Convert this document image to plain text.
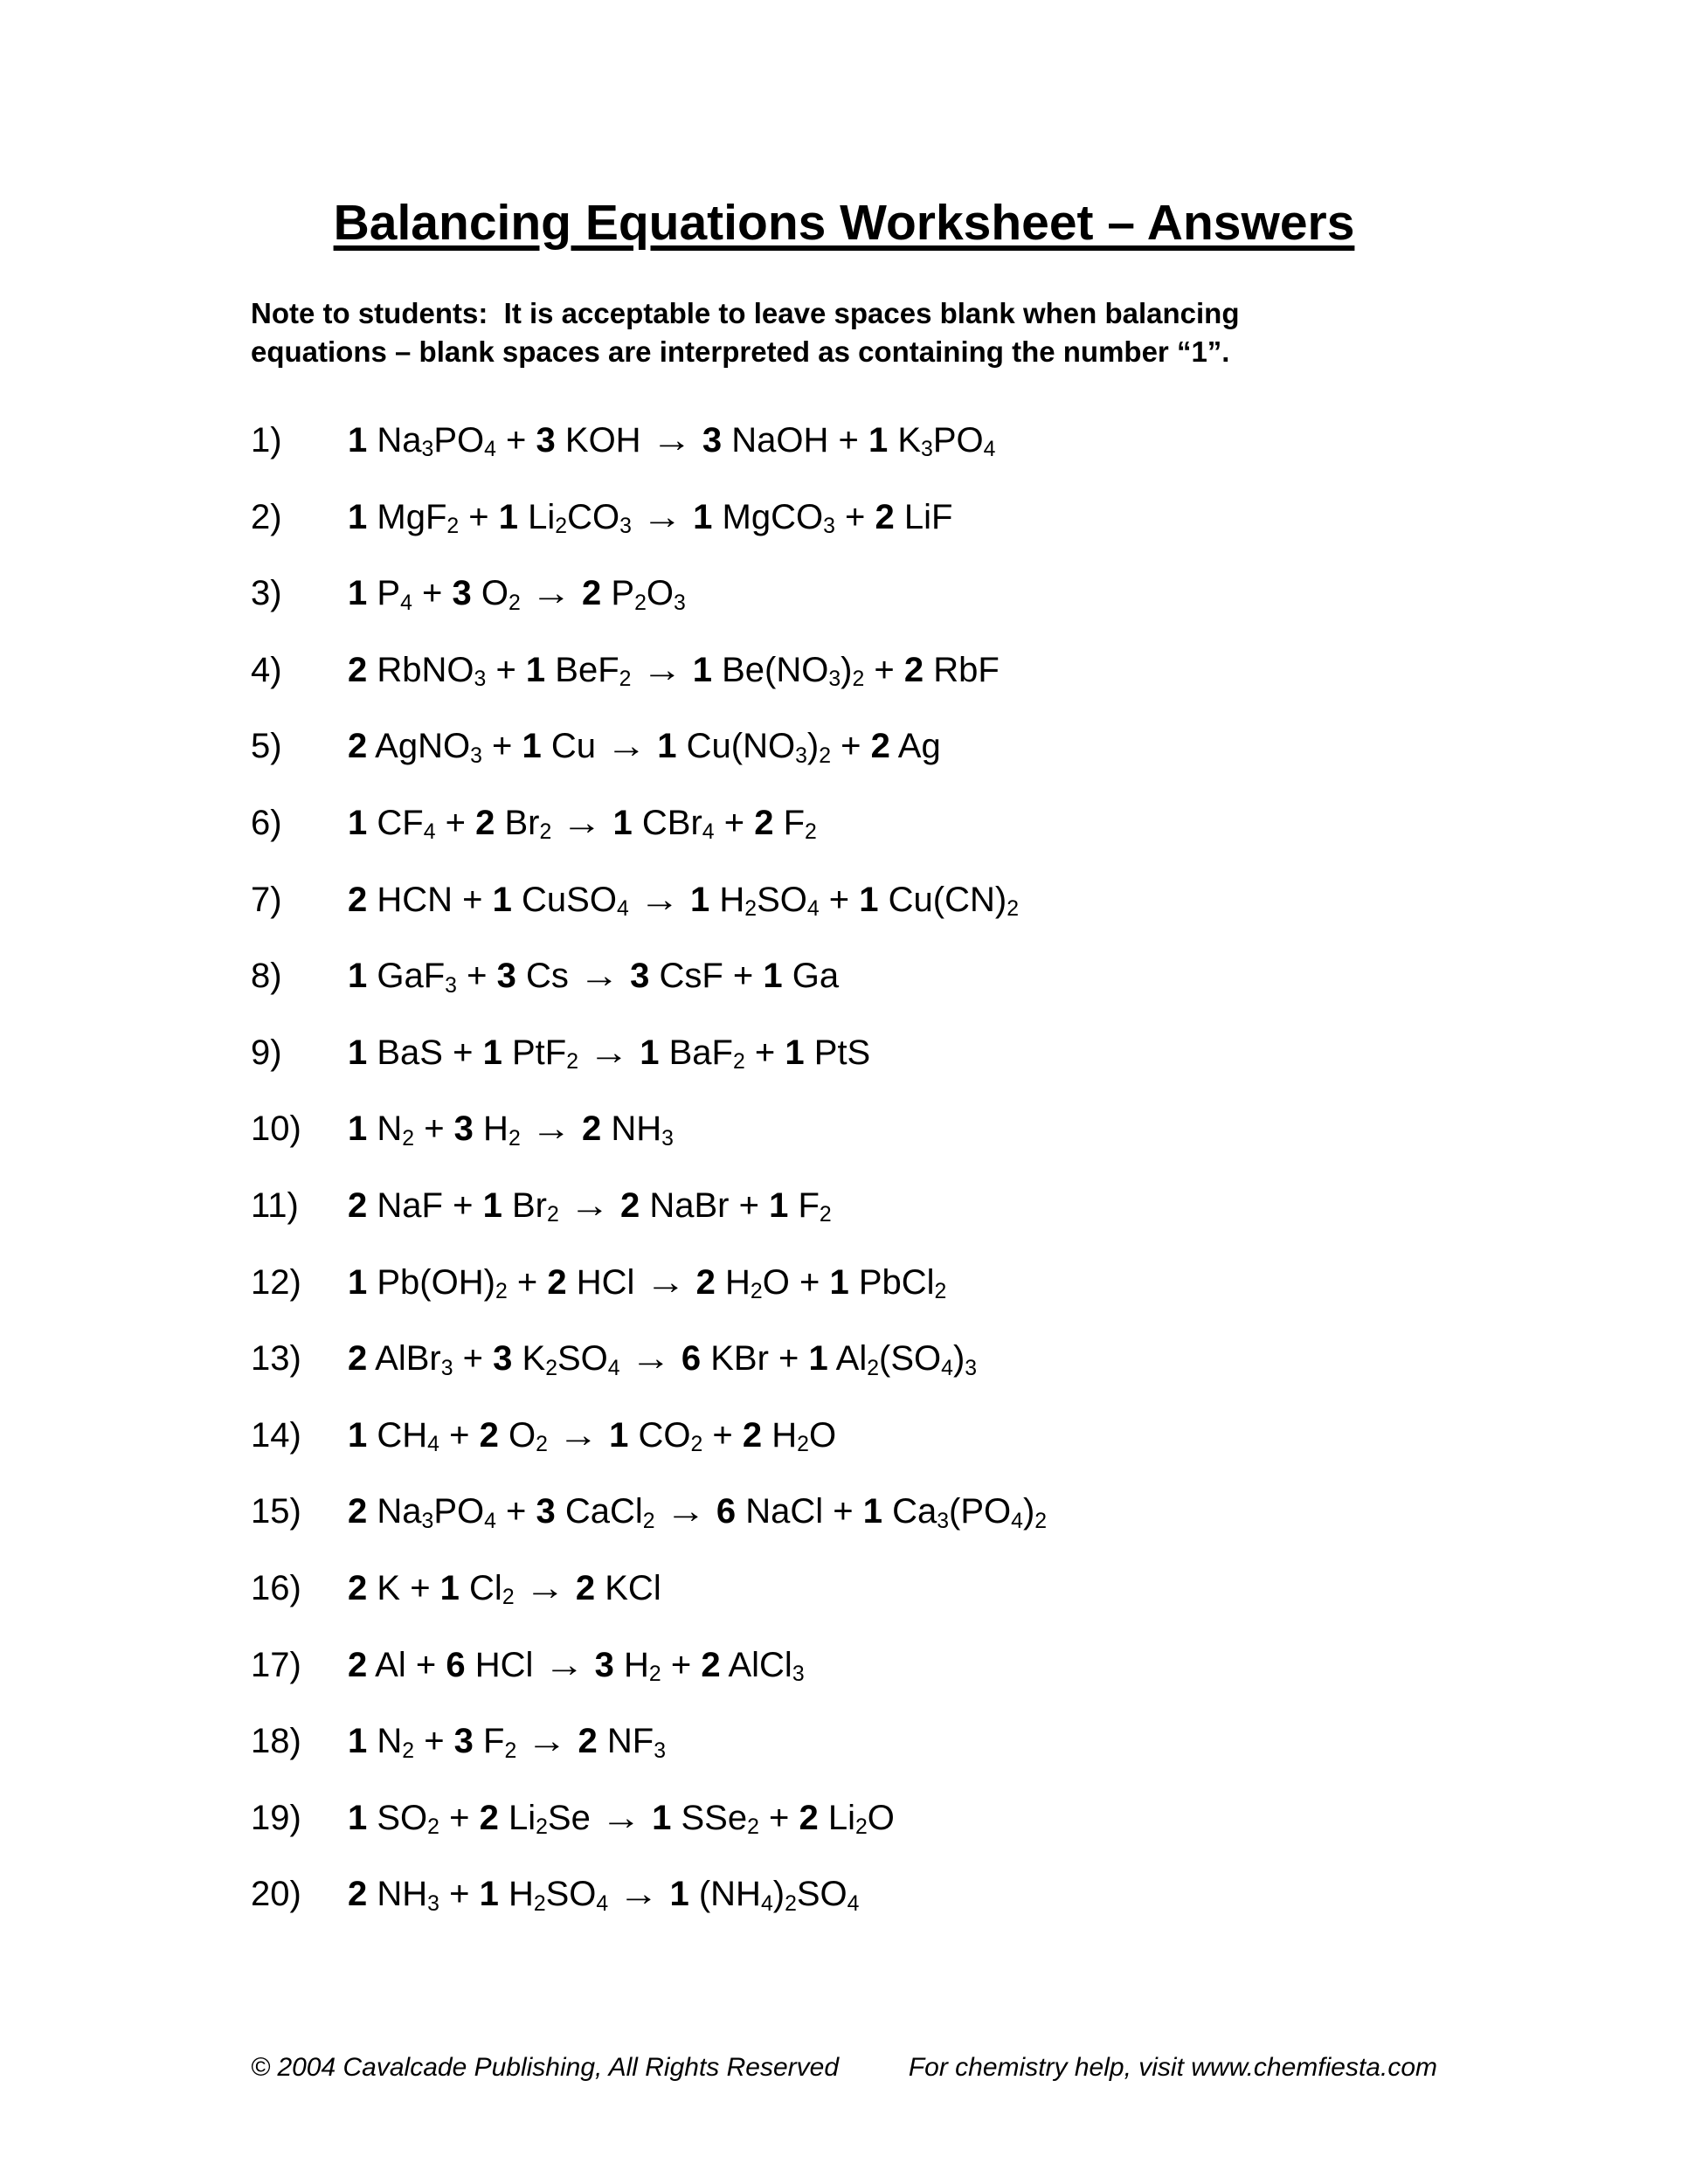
Balancing Equations Worksheet – Answers

Note to students:  It is acceptable to leave spaces blank when balancing
equations – blank spaces are interpreted as containing the number “1”.

1)	1 $Na_3PO_4 + 3$ KOH → 3 NaOH + 1 $K_3PO_4$
2)	1 MgF$_2$ + 1 $Li_2CO_3 \to 1$ MgCO$_3$ + 2 LiF
3)	1 $P_4 + 3$ $O_2 \to 2$ $P_2O_3$
4)	2 RbNO$_3$ + 1 BeF$_2$ → 1 $Be(NO_3)_2 + 2$ RbF
5)	2 AgNO$_3$ + 1 Cu → 1 $Cu(NO_3)_2 + 2$ Ag
6)	1 $CF_4 + 2$ $Br_2 \to 1$ CBr$_4$ + 2 $F_2$
7)	2 HCN + 1 CuSO$_4$ → 1 $H_2SO_4 + 1$ $Cu(CN)_2$
8)	1 GaF$_3$ + 3 Cs → 3 CsF + 1 Ga
9)	1 BaS + 1 PtF$_2$ → 1 BaF$_2$ + 1 PtS
10)	1 $N_2 + 3$ $H_2 \to 2$ $NH_3$
11)	2 NaF + 1 $Br_2 \to 2$ NaBr + 1 $F_2$
12)	1 $Pb(OH)_2 + 2$ HCl → 2 $H_2O + 1$ PbCl$_2$
13)	2 AlBr$_3$ + 3 $K_2SO_4 \to 6$ KBr + 1 $Al_2(SO_4)_3$
14)	1 $CH_4 + 2$ $O_2 \to 1$ $CO_2 + 2$ $H_2O$
15)	2 $Na_3PO_4 + 3$ CaCl$_2$ → 6 NaCl + 1 $Ca_3(PO_4)_2$
16)	2 K + 1 $Cl_2 \to 2$ KCl
17)	2 Al + 6 HCl → 3 $H_2 + 2$ AlCl$_3$
18)	1 $N_2 + 3$ $F_2 \to 2$ $NF_3$
19)	1 $SO_2 + 2$ $Li_2Se \to 1$ SSe$_2$ + 2 $Li_2O$
20)	2 $NH_3 + 1$ $H_2SO_4 \to 1$ $(NH_4)_2SO_4$
© 2004 Cavalcade Publishing, All Rights Reserved	For chemistry help, visit www.chemfiesta.com
